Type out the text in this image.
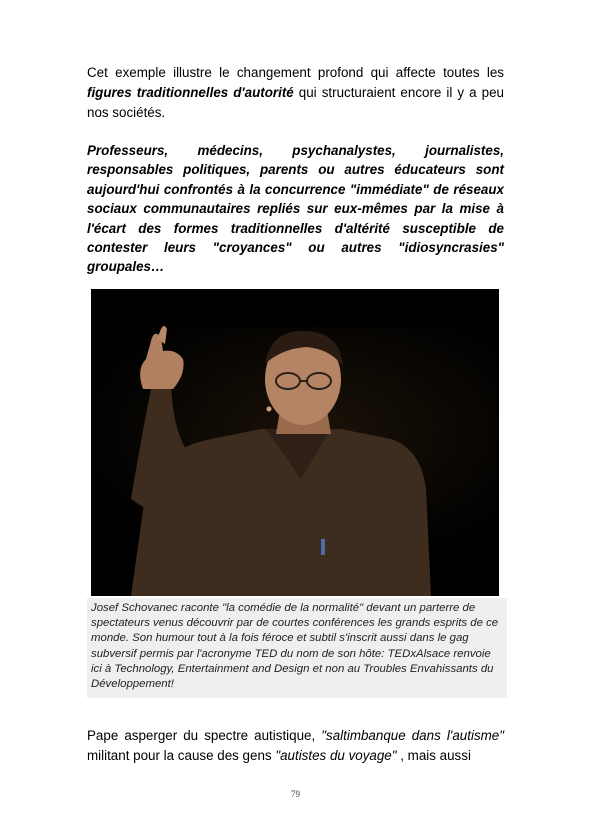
Cet exemple illustre le changement profond qui affecte toutes les figures traditionnelles d'autorité qui structuraient encore il y a peu nos sociétés.

Professeurs, médecins, psychanalystes, journalistes, responsables politiques, parents ou autres éducateurs sont aujourd'hui confrontés à la concurrence "immédiate" de réseaux sociaux communautaires repliés sur eux-mêmes par la mise à l'écart des formes traditionnelles d'altérité susceptible de contester leurs "croyances" ou autres "idiosyncrasies" groupales…

Josef Schovanec raconte "la comédie de la normalité" devant un parterre de spectateurs venus découvrir par de courtes conférences les grands esprits de ce monde. Son humour tout à la fois féroce et subtil s'inscrit aussi dans le gag subversif permis par l'acronyme TED du nom de son hôte: TEDxAlsace renvoie ici à Technology, Entertainment and Design et non au Troubles Envahissants du Développement!

Pape asperger du spectre autistique, "saltimbanque dans l'autisme" militant pour la cause des gens "autistes du voyage" , mais aussi

79
